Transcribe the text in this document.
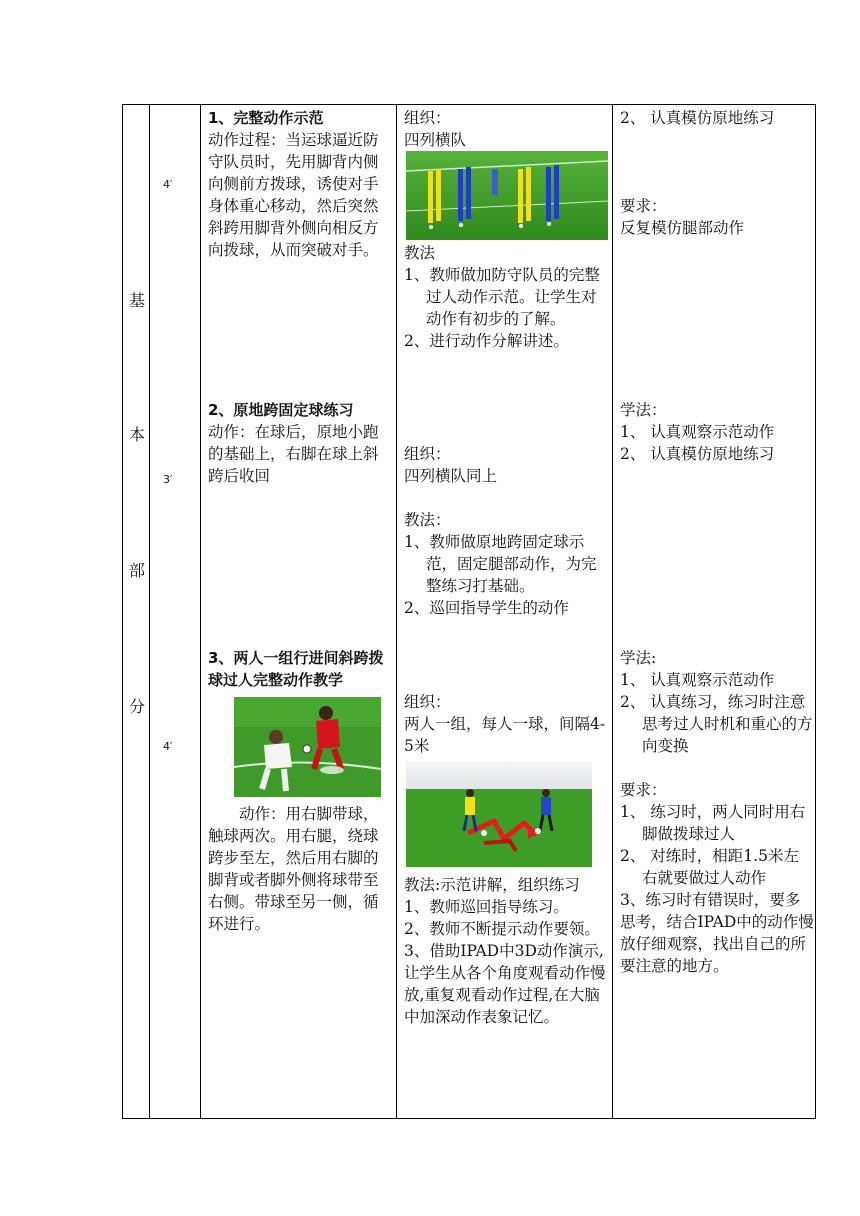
基
本
部
分
4′
3′
4′
1、完整动作示范
动作过程：当运球逼近防守队员时，先用脚背内侧向侧前方拨球，诱使对手身体重心移动，然后突然斜跨用脚背外侧向相反方向拨球，从而突破对手。
2、原地跨固定球练习
动作：在球后，原地小跑的基础上，右脚在球上斜跨后收回
3、两人一组行进间斜跨拨球过人完整动作教学
动作：用右脚带球，触球两次。用右腿，绕球跨步至左，然后用右脚的脚背或者脚外侧将球带至右侧。带球至另一侧，循环进行。
组织：
四列横队
教法
1、教师做加防守队员的完整过人动作示范。让学生对动作有初步的了解。
2、进行动作分解讲述。
组织：
四列横队同上
教法：
1、教师做原地跨固定球示范，固定腿部动作，为完整练习打基础。
2、巡回指导学生的动作
组织：
两人一组，每人一球，间隔4-5米
教法:示范讲解，组织练习
1、教师巡回指导练习。
2、教师不断提示动作要领。
3、借助IPAD中3D动作演示,让学生从各个角度观看动作慢放,重复观看动作过程,在大脑中加深动作表象记忆。
2、 认真模仿原地练习
要求：
反复模仿腿部动作
学法：
1、 认真观察示范动作
2、 认真模仿原地练习
学法:
1、 认真观察示范动作
2、 认真练习，练习时注意思考过人时机和重心的方向变换
要求：
1、 练习时，两人同时用右脚做拨球过人
2、 对练时，相距1.5米左右就要做过人动作
3、练习时有错误时，要多思考，结合IPAD中的动作慢放仔细观察，找出自己的所要注意的地方。
